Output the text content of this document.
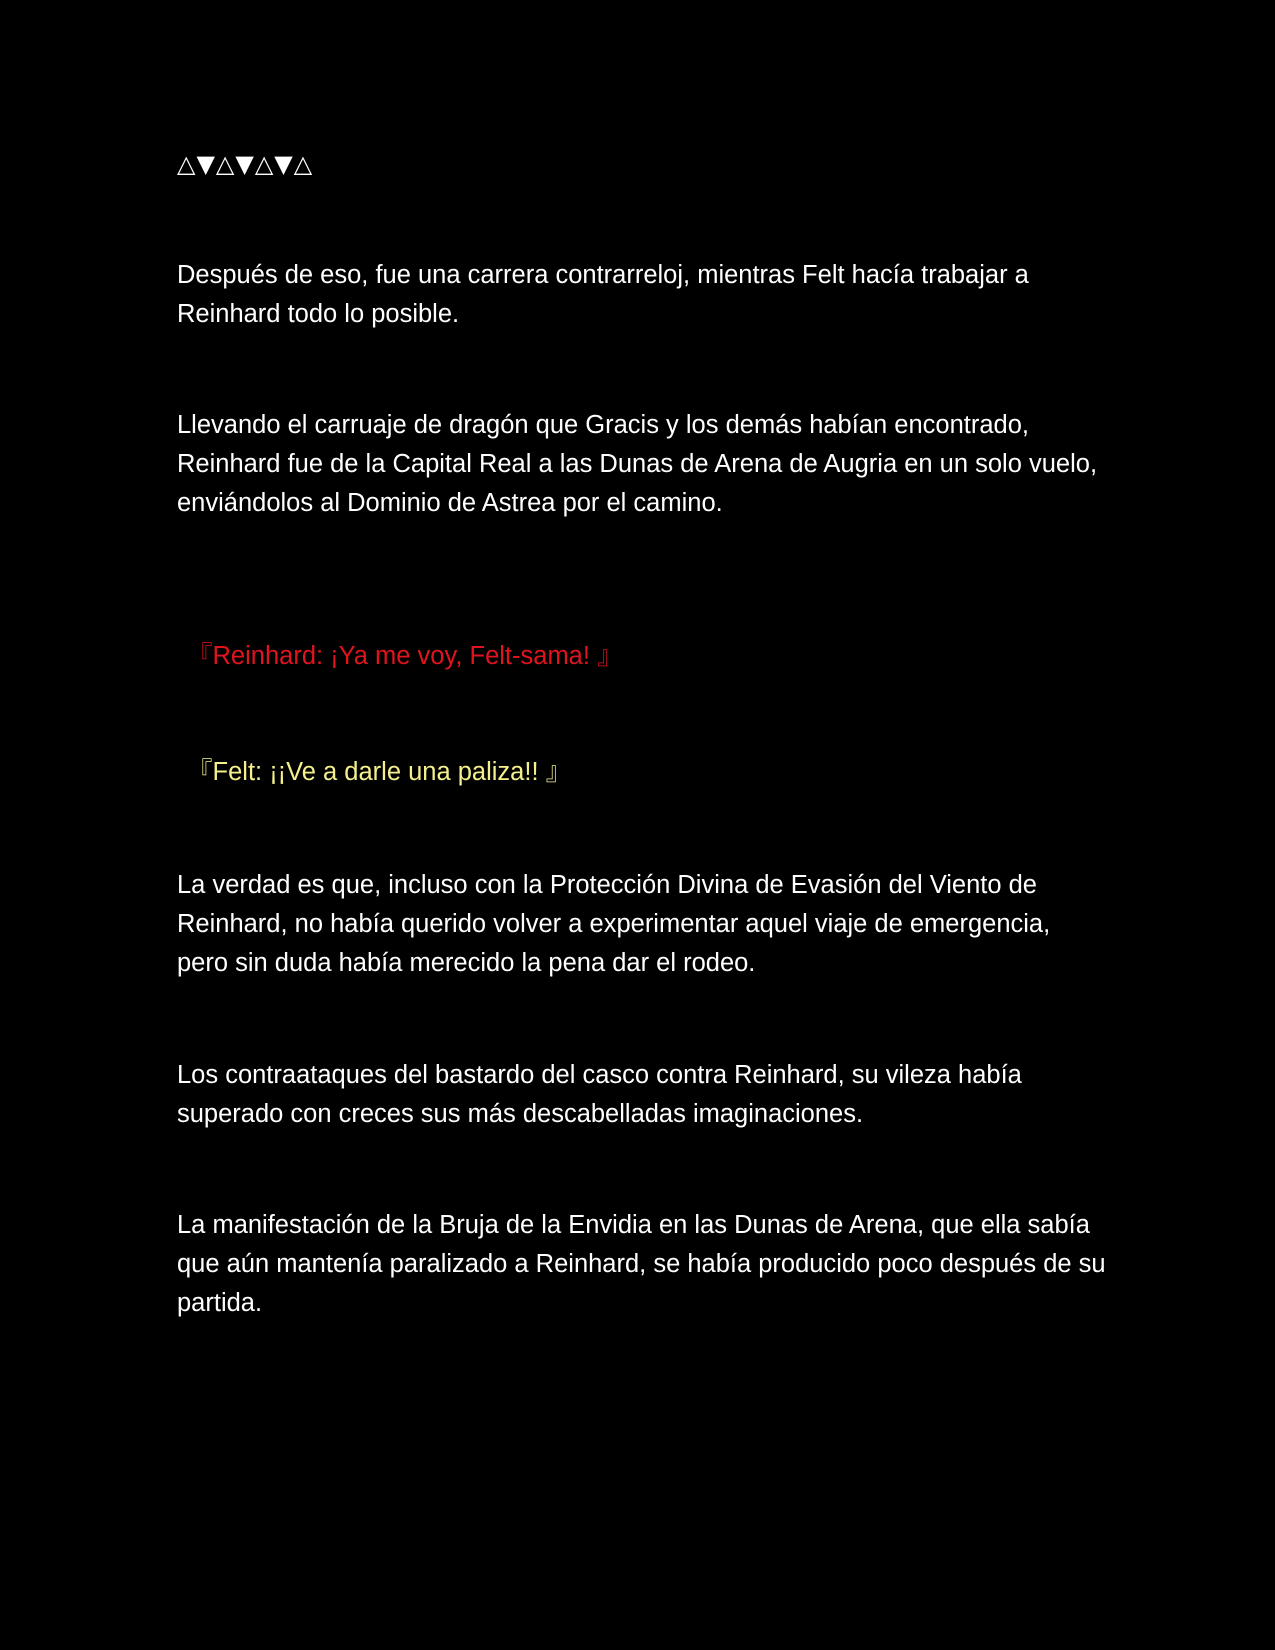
△▼△▼△▼△

Después de eso, fue una carrera contrarreloj, mientras Felt hacía trabajar a Reinhard todo lo posible.

Llevando el carruaje de dragón que Gracis y los demás habían encontrado, Reinhard fue de la Capital Real a las Dunas de Arena de Augria en un solo vuelo, enviándolos al Dominio de Astrea por el camino.

『Reinhard: ¡Ya me voy, Felt-sama! 』
『Felt: ¡¡Ve a darle una paliza!! 』

La verdad es que, incluso con la Protección Divina de Evasión del Viento de Reinhard, no había querido volver a experimentar aquel viaje de emergencia, pero sin duda había merecido la pena dar el rodeo.

Los contraataques del bastardo del casco contra Reinhard, su vileza había superado con creces sus más descabelladas imaginaciones.

La manifestación de la Bruja de la Envidia en las Dunas de Arena, que ella sabía que aún mantenía paralizado a Reinhard, se había producido poco después de su partida.
